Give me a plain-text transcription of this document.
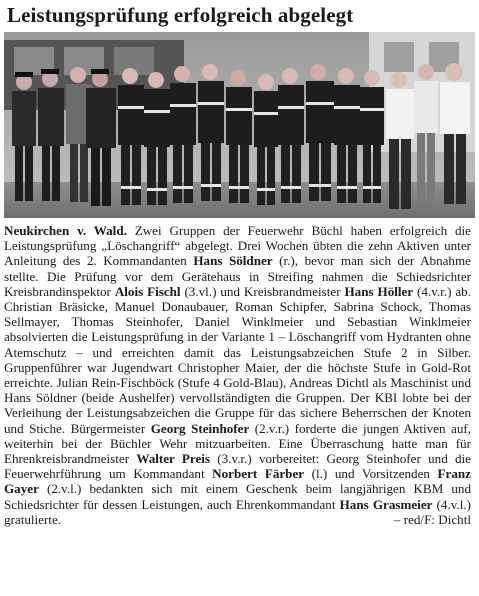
Leistungsprüfung erfolgreich abgelegt
Neukirchen v. Wald. Zwei Gruppen der Feuerwehr Büchl haben erfolgreich die Leistungsprüfung „Löschangriff“ abgelegt. Drei Wochen übten die zehn Aktiven unter Anleitung des 2. Kommandanten Hans Söldner (r.), bevor man sich der Abnahme stellte. Die Prüfung vor dem Gerätehaus in Streifing nahmen die Schiedsrichter Kreisbrandinspektor Alois Fischl (3.vl.) und Kreisbrandmeister Hans Höller (4.v.r.) ab. Christian Bräsicke, Manuel Donaubauer, Roman Schipfer, Sabrina Schock, Thomas Sellmayer, Thomas Steinhofer, Daniel Winklmeier und Sebastian Winklmeier absolvierten die Leistungsprüfung in der Variante 1 – Löschangriff vom Hydranten ohne Atemschutz – und erreichten damit das Leistungsabzeichen Stufe 2 in Silber. Gruppenführer war Jugendwart Christopher Maier, der die höchste Stufe in Gold-Rot erreichte. Julian Rein-Fischböck (Stufe 4 Gold-Blau), Andreas Dichtl als Maschinist und Hans Söldner (beide Aushelfer) vervollständigten die Gruppen. Der KBI lobte bei der Verleihung der Leistungsabzeichen die Gruppe für das sichere Beherrschen der Knoten und Stiche. Bürgermeister Georg Steinhofer (2.v.r.) forderte die jungen Aktiven auf, weiterhin bei der Büchler Wehr mitzuarbeiten. Eine Überraschung hatte man für Ehrenkreisbrandmeister Walter Preis (3.v.r.) vorbereitet: Georg Steinhofer und die Feuerwehrführung um Kommandant Norbert Färber (l.) und Vorsitzenden Franz Gayer (2.v.l.) bedankten sich mit einem Geschenk beim langjährigen KBM und Schiedsrichter für dessen Leistungen, auch Ehrenkommandant Hans Grasmeier (4.v.l.) gratulierte.	– red/F: Dichtl
